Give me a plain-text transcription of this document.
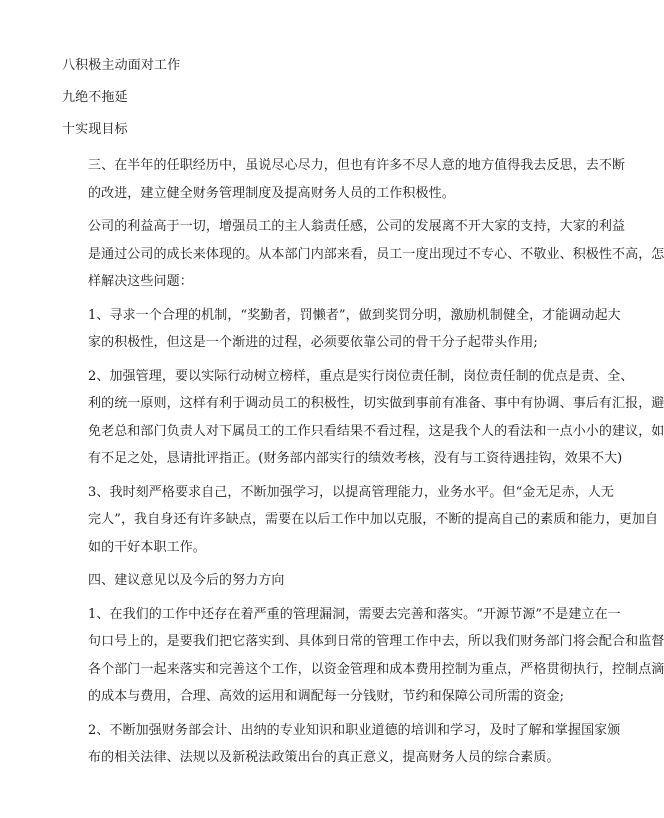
八积极主动面对工作
九绝不拖延
十实现目标
三、在半年的任职经历中，虽说尽心尽力，但也有许多不尽人意的地方值得我去反思，去不断
的改进，建立健全财务管理制度及提高财务人员的工作积极性。
公司的利益高于一切，增强员工的主人翁责任感，公司的发展离不开大家的支持，大家的利益
是通过公司的成长来体现的。从本部门内部来看，员工一度出现过不专心、不敬业、积极性不高，怎
样解决这些问题：
1、寻求一个合理的机制，“奖勤者，罚懒者”，做到奖罚分明，激励机制健全，才能调动起大
家的积极性，但这是一个渐进的过程，必须要依靠公司的骨干分子起带头作用;
2、加强管理，要以实际行动树立榜样，重点是实行岗位责任制，岗位责任制的优点是责、全、
利的统一原则，这样有利于调动员工的积极性，切实做到事前有准备、事中有协调、事后有汇报，避
免老总和部门负责人对下属员工的工作只看结果不看过程，这是我个人的看法和一点小小的建议，如
有不足之处，恳请批评指正。(财务部内部实行的绩效考核，没有与工资待遇挂钩，效果不大)
3、我时刻严格要求自己，不断加强学习，以提高管理能力，业务水平。但“金无足赤，人无
完人”，我自身还有许多缺点，需要在以后工作中加以克服，不断的提高自己的素质和能力，更加自
如的干好本职工作。
四、建议意见以及今后的努力方向
1、在我们的工作中还存在着严重的管理漏洞，需要去完善和落实。“开源节源”不是建立在一
句口号上的，是要我们把它落实到、具体到日常的管理工作中去，所以我们财务部门将会配合和监督
各个部门一起来落实和完善这个工作，以资金管理和成本费用控制为重点，严格贯彻执行，控制点滴
的成本与费用，合理、高效的运用和调配每一分钱财，节约和保障公司所需的资金;
2、不断加强财务部会计、出纳的专业知识和职业道德的培训和学习，及时了解和掌握国家颁
布的相关法律、法规以及新税法政策出台的真正意义，提高财务人员的综合素质。
